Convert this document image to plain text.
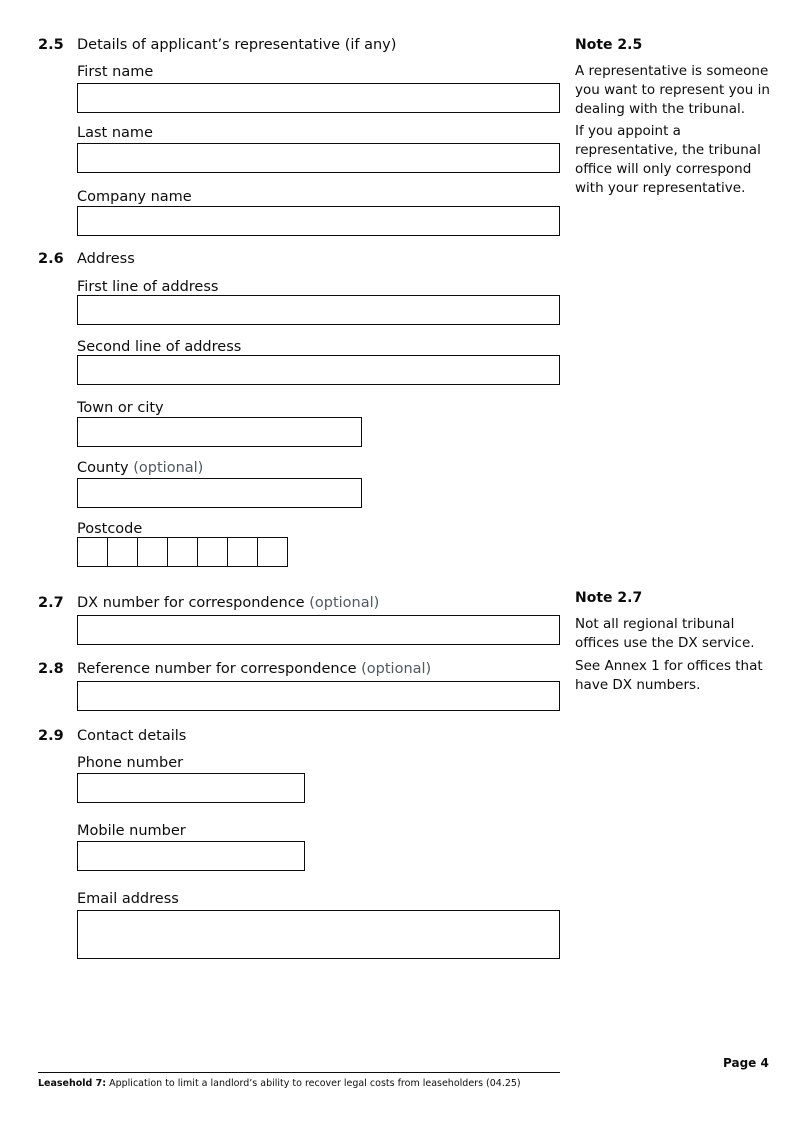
2.5 Details of applicant’s representative (if any)
First name
Last name
Company name
2.6 Address
First line of address
Second line of address
Town or city
County (optional)
Postcode
2.7 DX number for correspondence (optional)
2.8 Reference number for correspondence (optional)
2.9 Contact details
Phone number
Mobile number
Email address
Note 2.5
A representative is someone you want to represent you in dealing with the tribunal.
If you appoint a representative, the tribunal office will only correspond with your representative.
Note 2.7
Not all regional tribunal offices use the DX service.
See Annex 1 for offices that have DX numbers.
Page 4
Leasehold 7: Application to limit a landlord’s ability to recover legal costs from leaseholders (04.25)
